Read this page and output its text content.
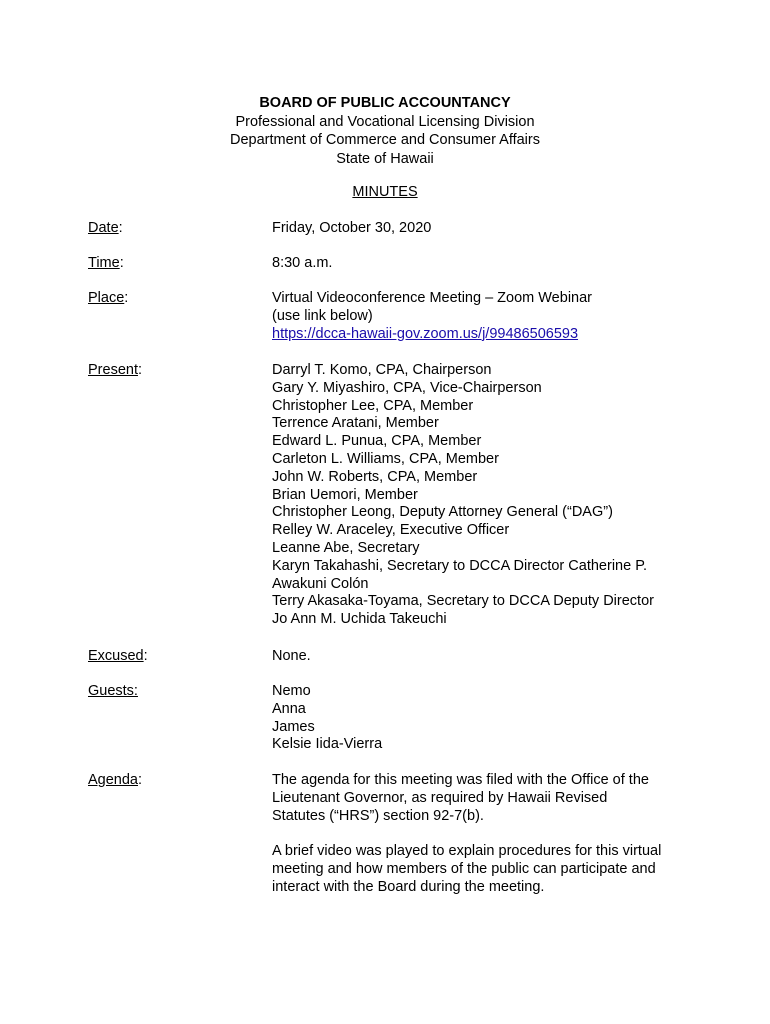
BOARD OF PUBLIC ACCOUNTANCY
Professional and Vocational Licensing Division
Department of Commerce and Consumer Affairs
State of Hawaii
MINUTES
Date:	Friday, October 30, 2020
Time:	8:30 a.m.
Place:	Virtual Videoconference Meeting – Zoom Webinar
(use link below)
https://dcca-hawaii-gov.zoom.us/j/99486506593
Present:	Darryl T. Komo, CPA, Chairperson
Gary Y. Miyashiro, CPA, Vice-Chairperson
Christopher Lee, CPA, Member
Terrence Aratani, Member
Edward L. Punua, CPA, Member
Carleton L. Williams, CPA, Member
John W. Roberts, CPA, Member
Brian Uemori, Member
Christopher Leong, Deputy Attorney General (“DAG”)
Relley W. Araceley, Executive Officer
Leanne Abe, Secretary
Karyn Takahashi, Secretary to DCCA Director Catherine P.
Awakuni Colón
Terry Akasaka-Toyama, Secretary to DCCA Deputy Director
Jo Ann M. Uchida Takeuchi
Excused:	None.
Guests:	Nemo
Anna
James
Kelsie Iida-Vierra
Agenda:	The agenda for this meeting was filed with the Office of the
Lieutenant Governor, as required by Hawaii Revised
Statutes (“HRS”) section 92-7(b).
A brief video was played to explain procedures for this virtual
meeting and how members of the public can participate and
interact with the Board during the meeting.
